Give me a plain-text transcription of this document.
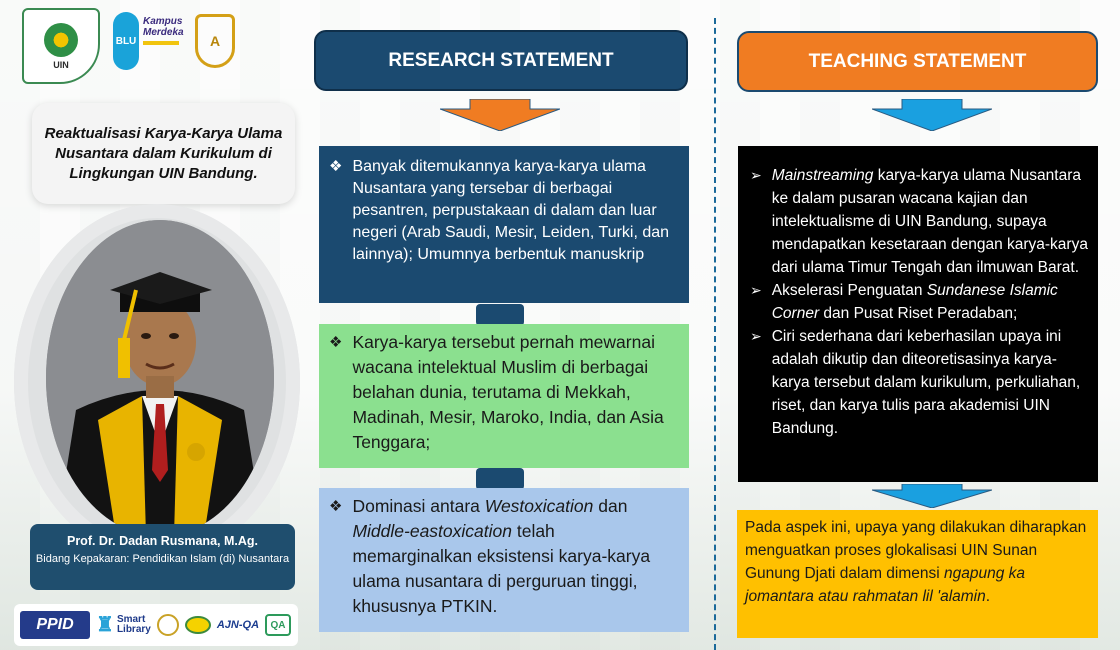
UIN
BLU
Kampus
Merdeka
A
Reaktualisasi Karya-Karya Ulama Nusantara dalam Kurikulum di Lingkungan UIN Bandung.
Prof. Dr. Dadan Rusmana, M.Ag.
Bidang Kepakaran: Pendidikan Islam (di) Nusantara
PPID	♜ Smart
Library	AJN-QA	QA
RESEARCH STATEMENT
❖ Banyak ditemukannya karya-karya ulama Nusantara yang tersebar di berbagai pesantren, perpustakaan di dalam dan luar negeri (Arab Saudi, Mesir, Leiden, Turki, dan lainnya); Umumnya berbentuk manuskrip
❖ Karya-karya tersebut pernah mewarnai wacana intelektual Muslim di berbagai belahan dunia, terutama di Mekkah, Madinah, Mesir, Maroko, India, dan Asia Tenggara;
❖ Dominasi antara Westoxication dan Middle-eastoxication telah memarginalkan eksistensi karya-karya ulama nusantara di perguruan tinggi, khususnya PTKIN.
TEACHING STATEMENT
➢ Mainstreaming karya-karya ulama Nusantara ke dalam pusaran wacana kajian dan intelektualisme di UIN Bandung, supaya mendapatkan kesetaraan dengan karya-karya dari ulama Timur Tengah dan ilmuwan Barat.
➢ Akselerasi Penguatan Sundanese Islamic Corner dan Pusat Riset Peradaban;
➢ Ciri sederhana dari keberhasilan upaya ini adalah dikutip dan diteoretisasinya karya-karya tersebut dalam kurikulum, perkuliahan, riset, dan karya tulis para akademisi UIN Bandung.
Pada aspek ini, upaya yang dilakukan diharapkan menguatkan proses glokalisasi UIN Sunan Gunung Djati dalam dimensi ngapung ka jomantara atau rahmatan lil 'alamin.
